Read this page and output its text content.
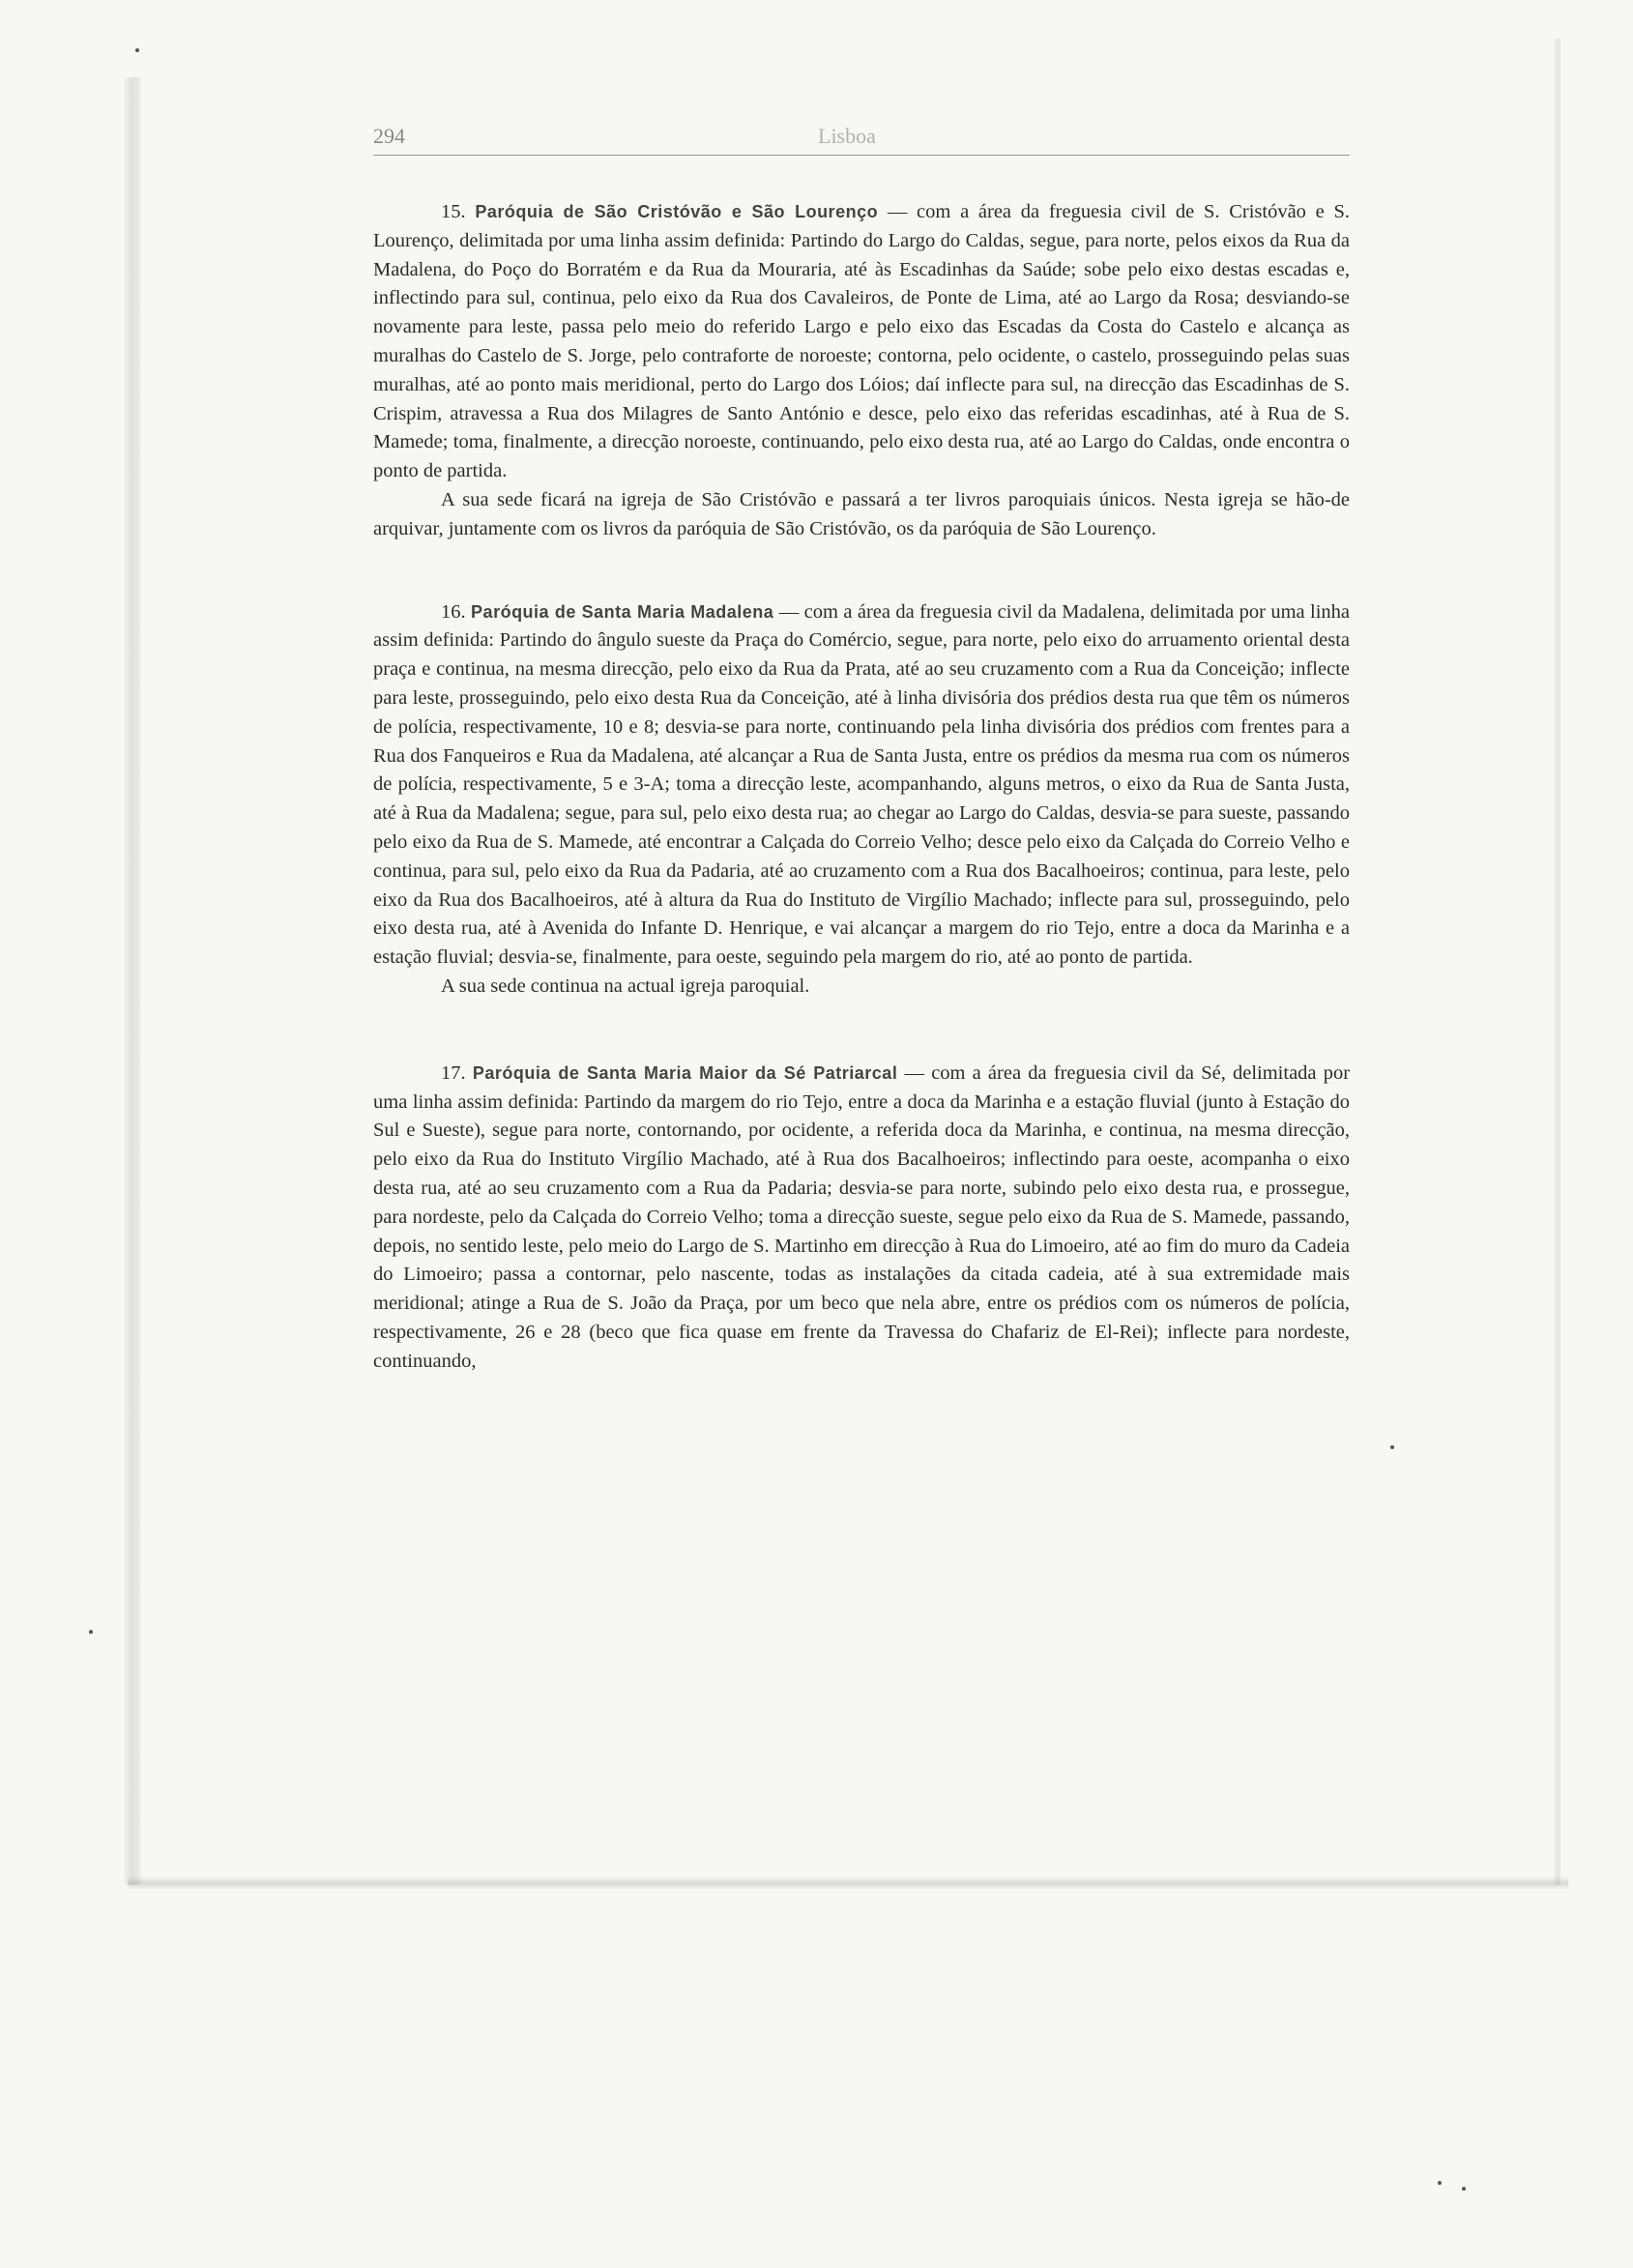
294	Lisboa

15. Paróquia de São Cristóvão e São Lourenço — com a área da freguesia civil de S. Cristóvão e S. Lourenço, delimitada por uma linha assim definida: Partindo do Largo do Caldas, segue, para norte, pelos eixos da Rua da Madalena, do Poço do Borratém e da Rua da Mouraria, até às Escadinhas da Saúde; sobe pelo eixo destas escadas e, inflectindo para sul, continua, pelo eixo da Rua dos Cavaleiros, de Ponte de Lima, até ao Largo da Rosa; desviando-se novamente para leste, passa pelo meio do referido Largo e pelo eixo das Escadas da Costa do Castelo e alcança as muralhas do Castelo de S. Jorge, pelo contraforte de noroeste; contorna, pelo ocidente, o castelo, prosseguindo pelas suas muralhas, até ao ponto mais meridional, perto do Largo dos Lóios; daí inflecte para sul, na direcção das Escadinhas de S. Crispim, atravessa a Rua dos Milagres de Santo António e desce, pelo eixo das referidas escadinhas, até à Rua de S. Mamede; toma, finalmente, a direcção noroeste, continuando, pelo eixo desta rua, até ao Largo do Caldas, onde encontra o ponto de partida.

A sua sede ficará na igreja de São Cristóvão e passará a ter livros paroquiais únicos. Nesta igreja se hão-de arquivar, juntamente com os livros da paróquia de São Cristóvão, os da paróquia de São Lourenço.

16. Paróquia de Santa Maria Madalena — com a área da freguesia civil da Madalena, delimitada por uma linha assim definida: Partindo do ângulo sueste da Praça do Comércio, segue, para norte, pelo eixo do arruamento oriental desta praça e continua, na mesma direcção, pelo eixo da Rua da Prata, até ao seu cruzamento com a Rua da Conceição; inflecte para leste, prosseguindo, pelo eixo desta Rua da Conceição, até à linha divisória dos prédios desta rua que têm os números de polícia, respectivamente, 10 e 8; desvia-se para norte, continuando pela linha divisória dos prédios com frentes para a Rua dos Fanqueiros e Rua da Madalena, até alcançar a Rua de Santa Justa, entre os prédios da mesma rua com os números de polícia, respectivamente, 5 e 3-A; toma a direcção leste, acompanhando, alguns metros, o eixo da Rua de Santa Justa, até à Rua da Madalena; segue, para sul, pelo eixo desta rua; ao chegar ao Largo do Caldas, desvia-se para sueste, passando pelo eixo da Rua de S. Mamede, até encontrar a Calçada do Correio Velho; desce pelo eixo da Calçada do Correio Velho e continua, para sul, pelo eixo da Rua da Padaria, até ao cruzamento com a Rua dos Bacalhoeiros; continua, para leste, pelo eixo da Rua dos Bacalhoeiros, até à altura da Rua do Instituto de Virgílio Machado; inflecte para sul, prosseguindo, pelo eixo desta rua, até à Avenida do Infante D. Henrique, e vai alcançar a margem do rio Tejo, entre a doca da Marinha e a estação fluvial; desvia-se, finalmente, para oeste, seguindo pela margem do rio, até ao ponto de partida.

A sua sede continua na actual igreja paroquial.

17. Paróquia de Santa Maria Maior da Sé Patriarcal — com a área da freguesia civil da Sé, delimitada por uma linha assim definida: Partindo da margem do rio Tejo, entre a doca da Marinha e a estação fluvial (junto à Estação do Sul e Sueste), segue para norte, contornando, por ocidente, a referida doca da Marinha, e continua, na mesma direcção, pelo eixo da Rua do Instituto Virgílio Machado, até à Rua dos Bacalhoeiros; inflectindo para oeste, acompanha o eixo desta rua, até ao seu cruzamento com a Rua da Padaria; desvia-se para norte, subindo pelo eixo desta rua, e prossegue, para nordeste, pelo da Calçada do Correio Velho; toma a direcção sueste, segue pelo eixo da Rua de S. Mamede, passando, depois, no sentido leste, pelo meio do Largo de S. Martinho em direcção à Rua do Limoeiro, até ao fim do muro da Cadeia do Limoeiro; passa a contornar, pelo nascente, todas as instalações da citada cadeia, até à sua extremidade mais meridional; atinge a Rua de S. João da Praça, por um beco que nela abre, entre os prédios com os números de polícia, respectivamente, 26 e 28 (beco que fica quase em frente da Travessa do Chafariz de El-Rei); inflecte para nordeste, continuando,
